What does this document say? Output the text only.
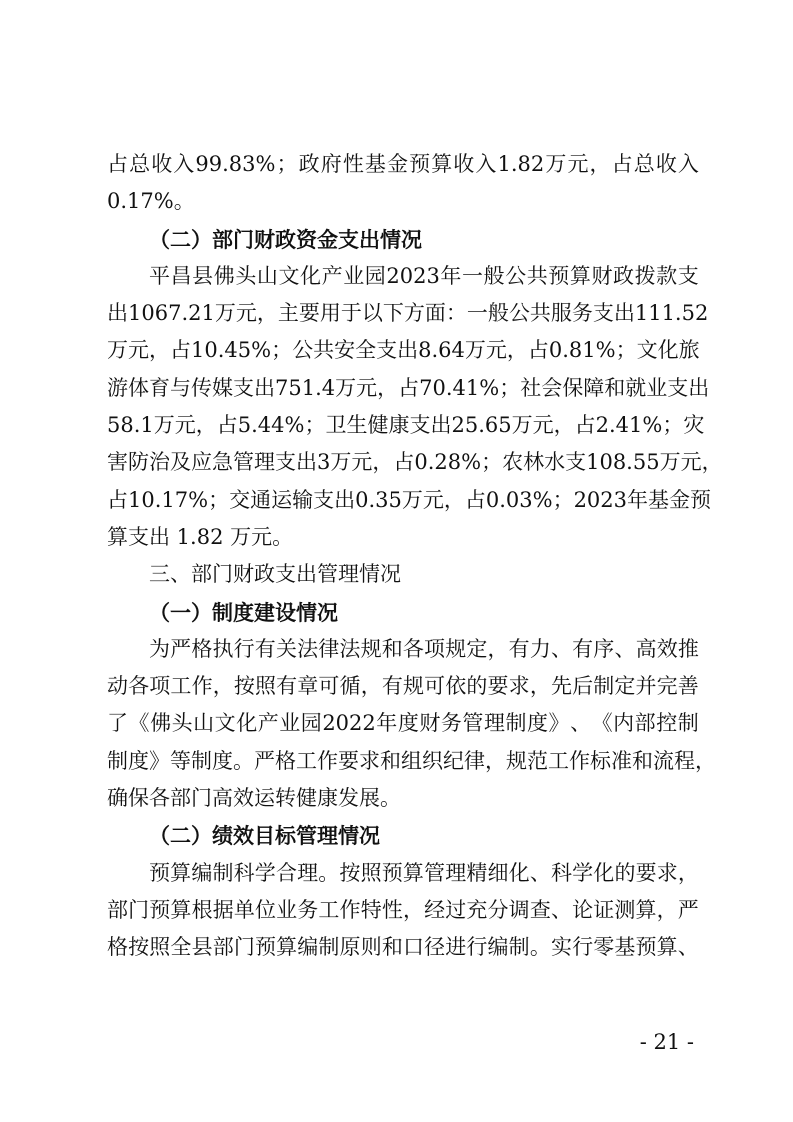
占 总 收 入 99.83% ； 政 府 性 基 金 预 算 收 入 1.82 万 元 ， 占 总 收 入
0.17%。
（二）部门财政资金支出情况
平 昌 县 佛 头 山 文 化 产 业 园 2023 年 一 般 公 共 预 算 财 政 拨 款 支
出 1067.21 万 元 ， 主 要 用 于 以 下 方 面 ： 一 般 公 共 服 务 支 出 111.52
万 元 ， 占 10.45% ； 公 共 安 全 支 出 8.64 万 元 ， 占 0.81% ； 文 化 旅
游 体 育 与 传 媒 支 出 751.4 万 元 ， 占 70.41% ； 社 会 保 障 和 就 业 支 出
58.1 万 元 ， 占 5.44% ； 卫 生 健 康 支 出 25.65 万 元 ， 占 2.41% ； 灾
害 防 治 及 应 急 管 理 支 出 3 万 元 ， 占 0.28% ； 农 林 水 支 108.55 万 元 ，
占 10.17% ； 交 通 运 输 支 出 0.35 万 元 ， 占 0.03% ； 2023 年 基 金 预
算支出 1.82 万元。
三、部门财政支出管理情况
（一）制度建设情况
为 严 格 执 行 有 关 法 律 法 规 和 各 项 规 定 ， 有 力 、 有 序 、 高 效 推
动 各 项 工 作 ， 按 照 有 章 可 循 ， 有 规 可 依 的 要 求 ， 先 后 制 定 并 完 善
了 《 佛 头 山 文 化 产 业 园 2022 年 度 财 务 管 理 制 度 》 、 《 内 部 控 制
制 度 》 等 制 度 。 严 格 工 作 要 求 和 组 织 纪 律 ， 规 范 工 作 标 准 和 流 程 ，
确保各部门高效运转健康发展。
（二）绩效目标管理情况
预 算 编 制 科 学 合 理 。 按 照 预 算 管 理 精 细 化 、 科 学 化 的 要 求 ，
部 门 预 算 根 据 单 位 业 务 工 作 特 性 ， 经 过 充 分 调 查 、 论 证 测 算 ， 严
格 按 照 全 县 部 门 预 算 编 制 原 则 和 口 径 进 行 编 制 。 实 行 零 基 预 算 、
- 21 -
